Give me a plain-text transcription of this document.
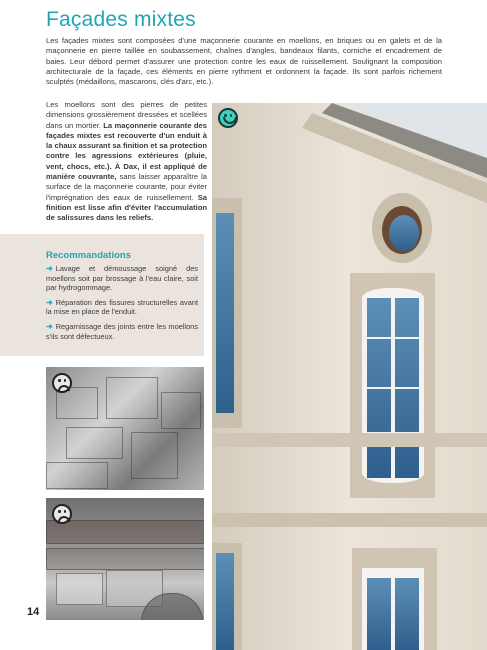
Façades mixtes

Les façades mixtes sont composées d'une maçonnerie courante en moellons, en briques ou en galets et de la maçonnerie en pierre taillée en soubassement, chaînes d'angles, bandeaux filants, corniche et encadrement de baies. Leur débord permet d'assurer une protection contre les eaux de ruissellement. Soulignant la composition architecturale de la façade, ces éléments en pierre rythment et ordonnent la façade. Ils sont parfois richement sculptés (médaillons, mascarons, clés d'arc, etc.).

Les moellons sont des pierres de petites dimensions grossièrement dressées et scellées dans un mortier. La maçonnerie courante des façades mixtes est recouverte d'un enduit à la chaux assurant sa finition et sa protection contre les agressions extérieures (pluie, vent, chocs, etc.). À Dax, il est appliqué de manière couvrante, sans laisser apparaître la surface de la maçonnerie courante, pour éviter l'imprégnation des eaux de ruissellement. Sa finition est lisse afin d'éviter l'accumulation de salissures dans les reliefs.

Recommandations
➜ Lavage et démoussage soigné des moellons soit par brossage à l'eau claire, soit par hydrogommage.
➜ Réparation des fissures structurelles avant la mise en place de l'enduit.
➜ Regarnissage des joints entre les moellons s'ils sont défectueux.
14
